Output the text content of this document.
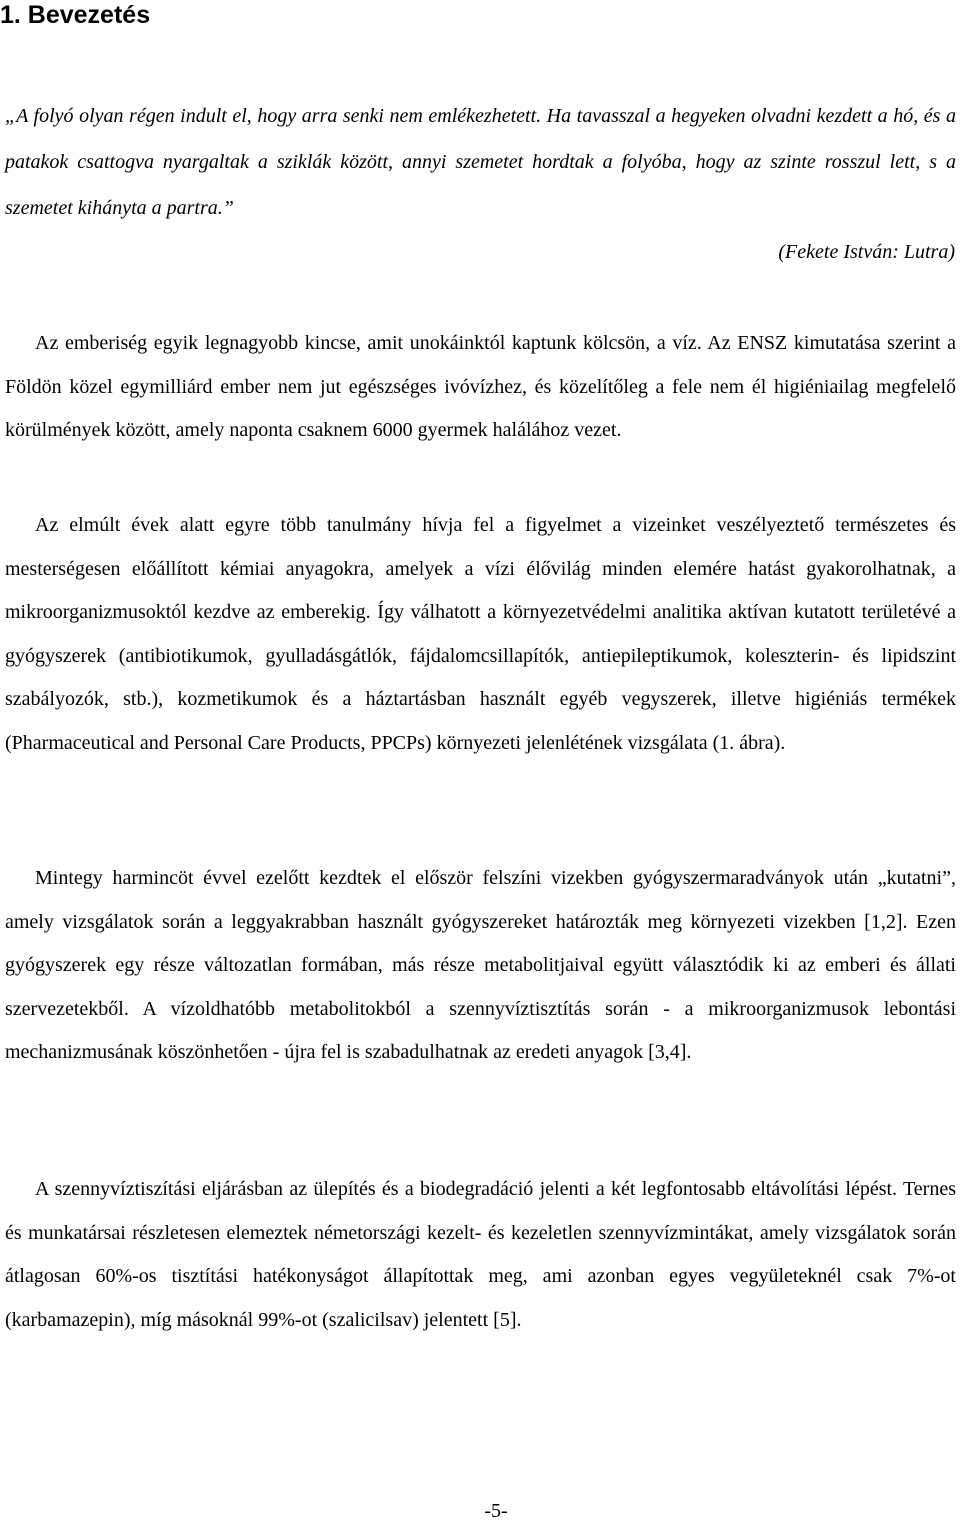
1. Bevezetés

„A folyó olyan régen indult el, hogy arra senki nem emlékezhetett. Ha tavasszal a hegyeken olvadni kezdett a hó, és a patakok csattogva nyargaltak a sziklák között, annyi szemetet hordtak a folyóba, hogy az szinte rosszul lett, s a szemetet kihányta a partra.”

(Fekete István: Lutra)

Az emberiség egyik legnagyobb kincse, amit unokáinktól kaptunk kölcsön, a víz. Az ENSZ kimutatása szerint a Földön közel egymilliárd ember nem jut egészséges ivóvízhez, és közelítőleg a fele nem él higiéniailag megfelelő körülmények között, amely naponta csaknem 6000 gyermek halálához vezet.

Az elmúlt évek alatt egyre több tanulmány hívja fel a figyelmet a vizeinket veszélyeztető természetes és mesterségesen előállított kémiai anyagokra, amelyek a vízi élővilág minden elemére hatást gyakorolhatnak, a mikroorganizmusoktól kezdve az emberekig. Így válhatott a környezetvédelmi analitika aktívan kutatott területévé a gyógyszerek (antibiotikumok, gyulladásgátlók, fájdalomcsillapítók, antiepileptikumok, koleszterin- és lipidszint szabályozók, stb.), kozmetikumok és a háztartásban használt egyéb vegyszerek, illetve higiéniás termékek (Pharmaceutical and Personal Care Products, PPCPs) környezeti jelenlétének vizsgálata (1. ábra).

Mintegy harmincöt évvel ezelőtt kezdtek el először felszíni vizekben gyógyszermaradványok után „kutatni”, amely vizsgálatok során a leggyakrabban használt gyógyszereket határozták meg környezeti vizekben [1,2]. Ezen gyógyszerek egy része változatlan formában, más része metabolitjaival együtt választódik ki az emberi és állati szervezetekből. A vízoldhatóbb metabolitokból a szennyvíztisztítás során - a mikroorganizmusok lebontási mechanizmusának köszönhetően - újra fel is szabadulhatnak az eredeti anyagok [3,4].

A szennyvíztiszítási eljárásban az ülepítés és a biodegradáció jelenti a két legfontosabb eltávolítási lépést. Ternes és munkatársai részletesen elemeztek németországi kezelt- és kezeletlen szennyvízmintákat, amely vizsgálatok során átlagosan 60%-os tisztítási hatékonyságot állapítottak meg, ami azonban egyes vegyületeknél csak 7%-ot (karbamazepin), míg másoknál 99%-ot (szalicilsav) jelentett [5].

-5-
